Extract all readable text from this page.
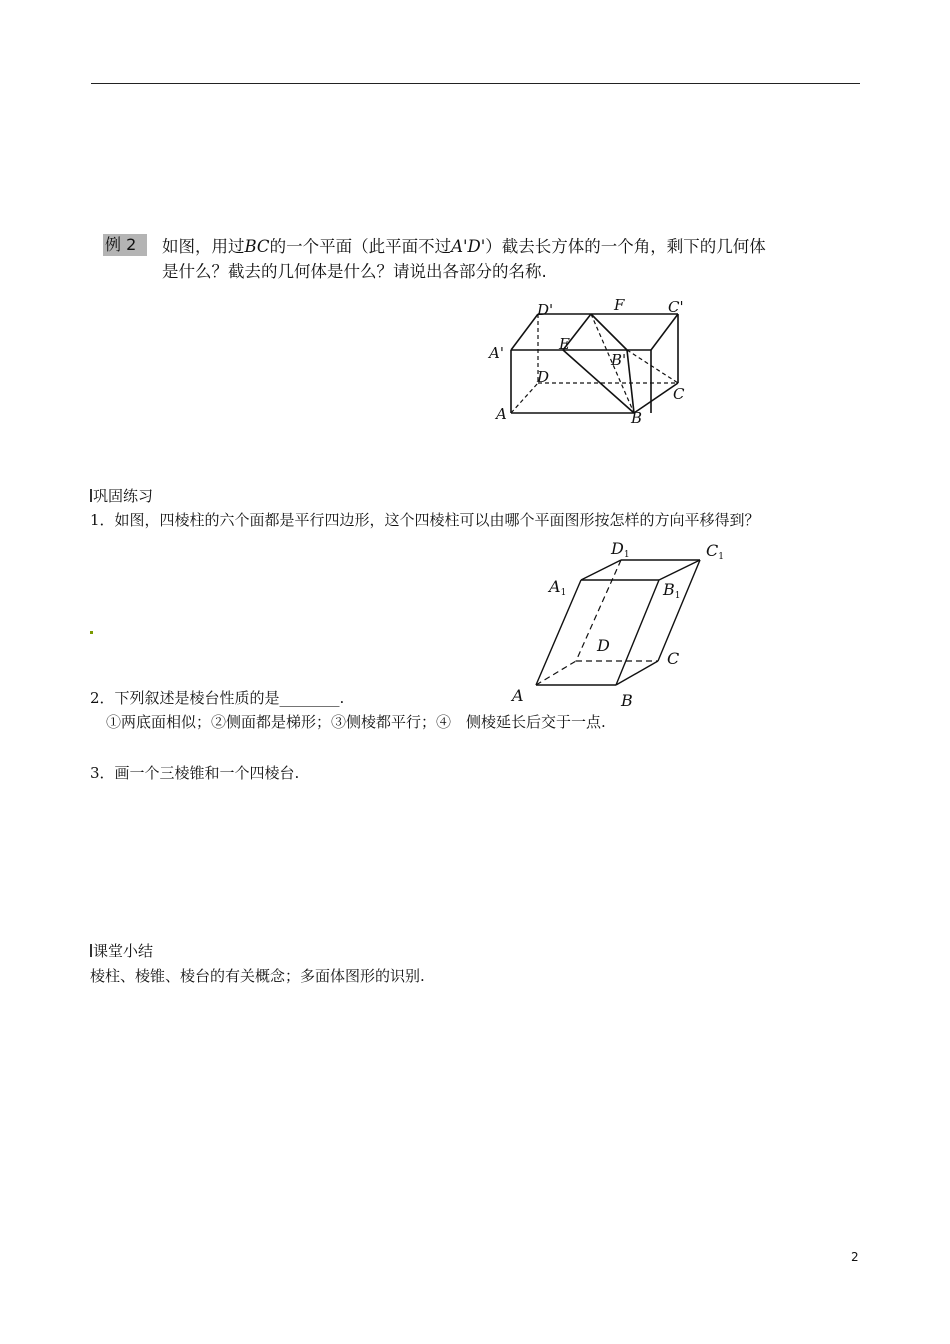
例 2	如图，用过BC的一个平面（此平面不过A'D'）截去长方体的一个角，剩下的几何体
是什么？截去的几何体是什么？请说出各部分的名称.
D'	F	C'
A'	E
B'
D
C
A	B
巩固练习
1．如图，四棱柱的六个面都是平行四边形，这个四棱柱可以由哪个平面图形按怎样的方向平移得到？
D1	C1
A1	B1
D
C
A	B
2．下列叙述是棱台性质的是________.
①两底面相似；②侧面都是梯形；③侧棱都平行；④　侧棱延长后交于一点.
3．画一个三棱锥和一个四棱台.
课堂小结
棱柱、棱锥、棱台的有关概念；多面体图形的识别.
2
